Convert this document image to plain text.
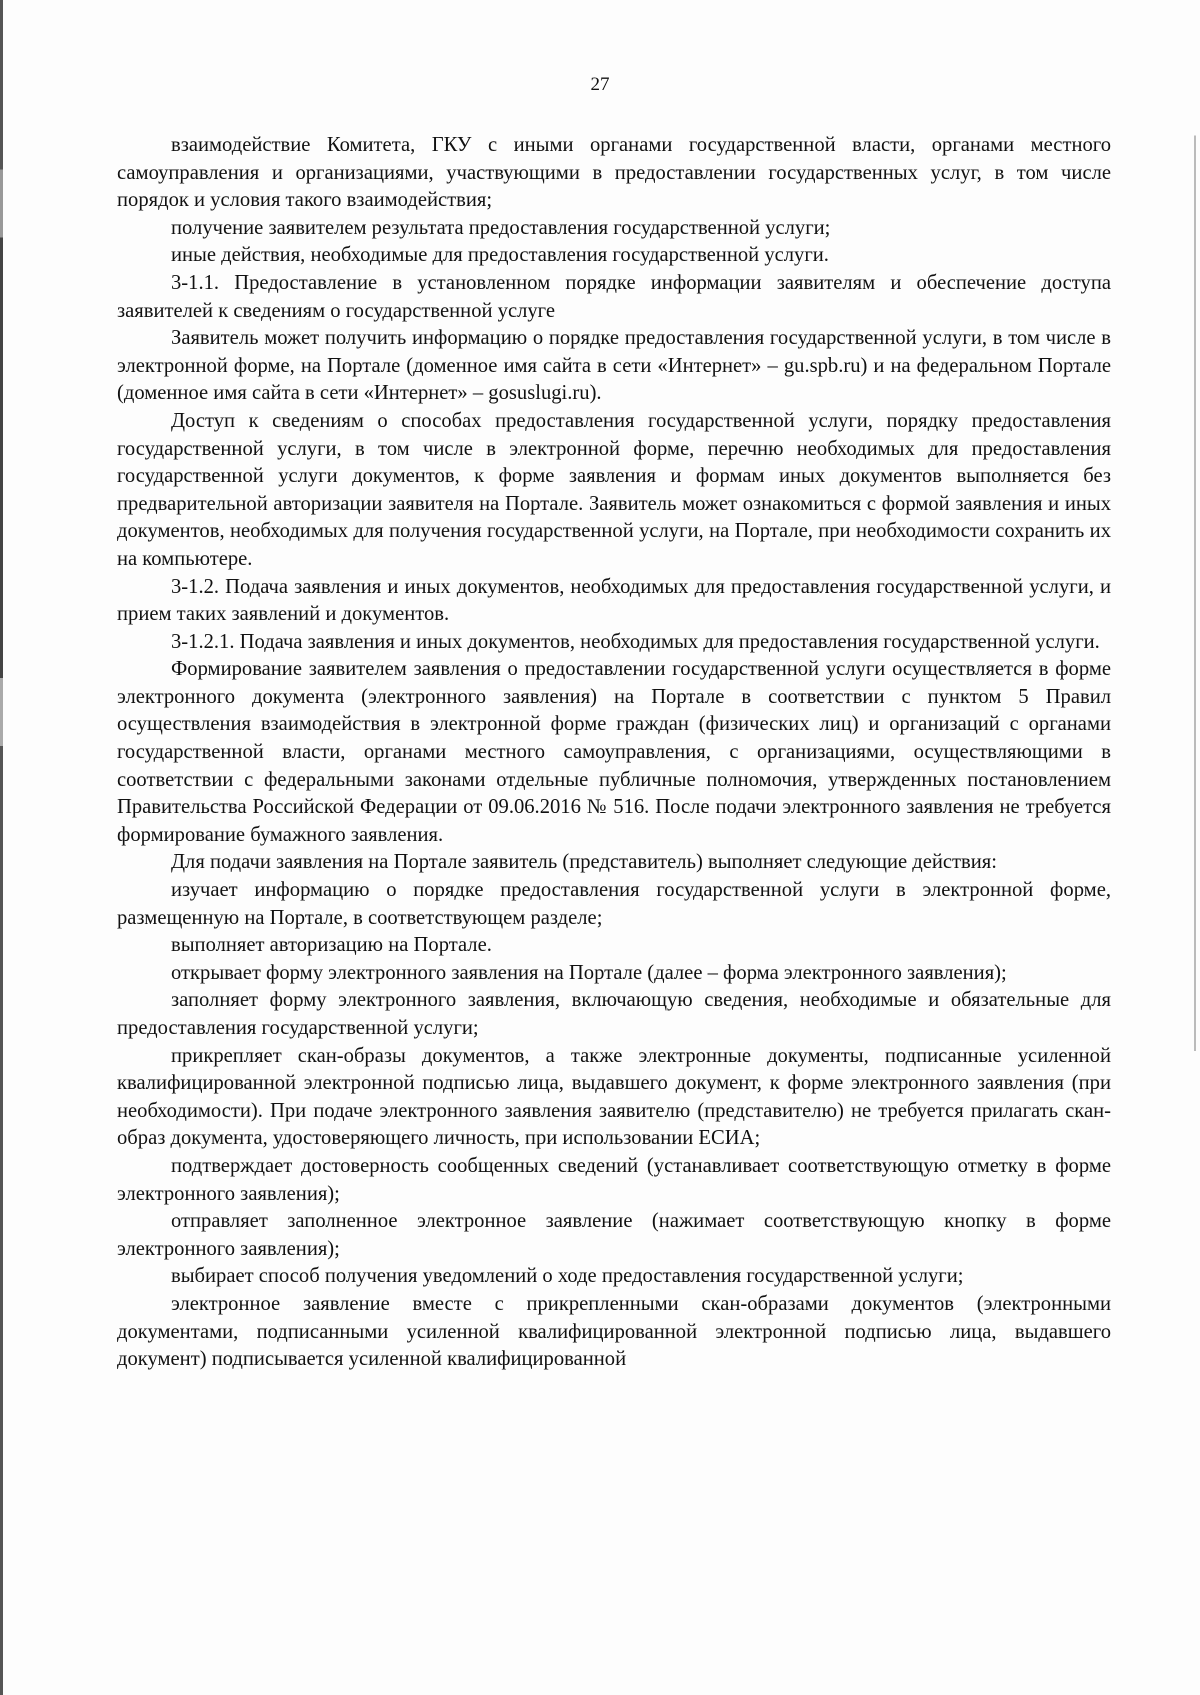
27

взаимодействие Комитета, ГКУ с иными органами государственной власти, органами местного самоуправления и организациями, участвующими в предоставлении государственных услуг, в том числе порядок и условия такого взаимодействия;

получение заявителем результата предоставления государственной услуги;

иные действия, необходимые для предоставления государственной услуги.

3-1.1. Предоставление в установленном порядке информации заявителям и обеспечение доступа заявителей к сведениям о государственной услуге

Заявитель может получить информацию о порядке предоставления государственной услуги, в том числе в электронной форме, на Портале (доменное имя сайта в сети «Интернет» – gu.spb.ru) и на федеральном Портале (доменное имя сайта в сети «Интернет» – gosuslugi.ru).

Доступ к сведениям о способах предоставления государственной услуги, порядку предоставления государственной услуги, в том числе в электронной форме, перечню необходимых для предоставления государственной услуги документов, к форме заявления и формам иных документов выполняется без предварительной авторизации заявителя на Портале. Заявитель может ознакомиться с формой заявления и иных документов, необходимых для получения государственной услуги, на Портале, при необходимости сохранить их на компьютере.

3-1.2. Подача заявления и иных документов, необходимых для предоставления государственной услуги, и прием таких заявлений и документов.

3-1.2.1. Подача заявления и иных документов, необходимых для предоставления государственной услуги.

Формирование заявителем заявления о предоставлении государственной услуги осуществляется в форме электронного документа (электронного заявления) на Портале в соответствии с пунктом 5 Правил осуществления взаимодействия в электронной форме граждан (физических лиц) и организаций с органами государственной власти, органами местного самоуправления, с организациями, осуществляющими в соответствии с федеральными законами отдельные публичные полномочия, утвержденных постановлением Правительства Российской Федерации от 09.06.2016 № 516. После подачи электронного заявления не требуется формирование бумажного заявления.

Для подачи заявления на Портале заявитель (представитель) выполняет следующие действия:

изучает информацию о порядке предоставления государственной услуги в электронной форме, размещенную на Портале, в соответствующем разделе;

выполняет авторизацию на Портале.

открывает форму электронного заявления на Портале (далее – форма электронного заявления);

заполняет форму электронного заявления, включающую сведения, необходимые и обязательные для предоставления государственной услуги;

прикрепляет скан-образы документов, а также электронные документы, подписанные усиленной квалифицированной электронной подписью лица, выдавшего документ, к форме электронного заявления (при необходимости). При подаче электронного заявления заявителю (представителю) не требуется прилагать скан-образ документа, удостоверяющего личность, при использовании ЕСИА;

подтверждает достоверность сообщенных сведений (устанавливает соответствующую отметку в форме электронного заявления);

отправляет заполненное электронное заявление (нажимает соответствующую кнопку в форме электронного заявления);

выбирает способ получения уведомлений о ходе предоставления государственной услуги;

электронное заявление вместе с прикрепленными скан-образами документов (электронными документами, подписанными усиленной квалифицированной электронной подписью лица, выдавшего документ) подписывается усиленной квалифицированной
